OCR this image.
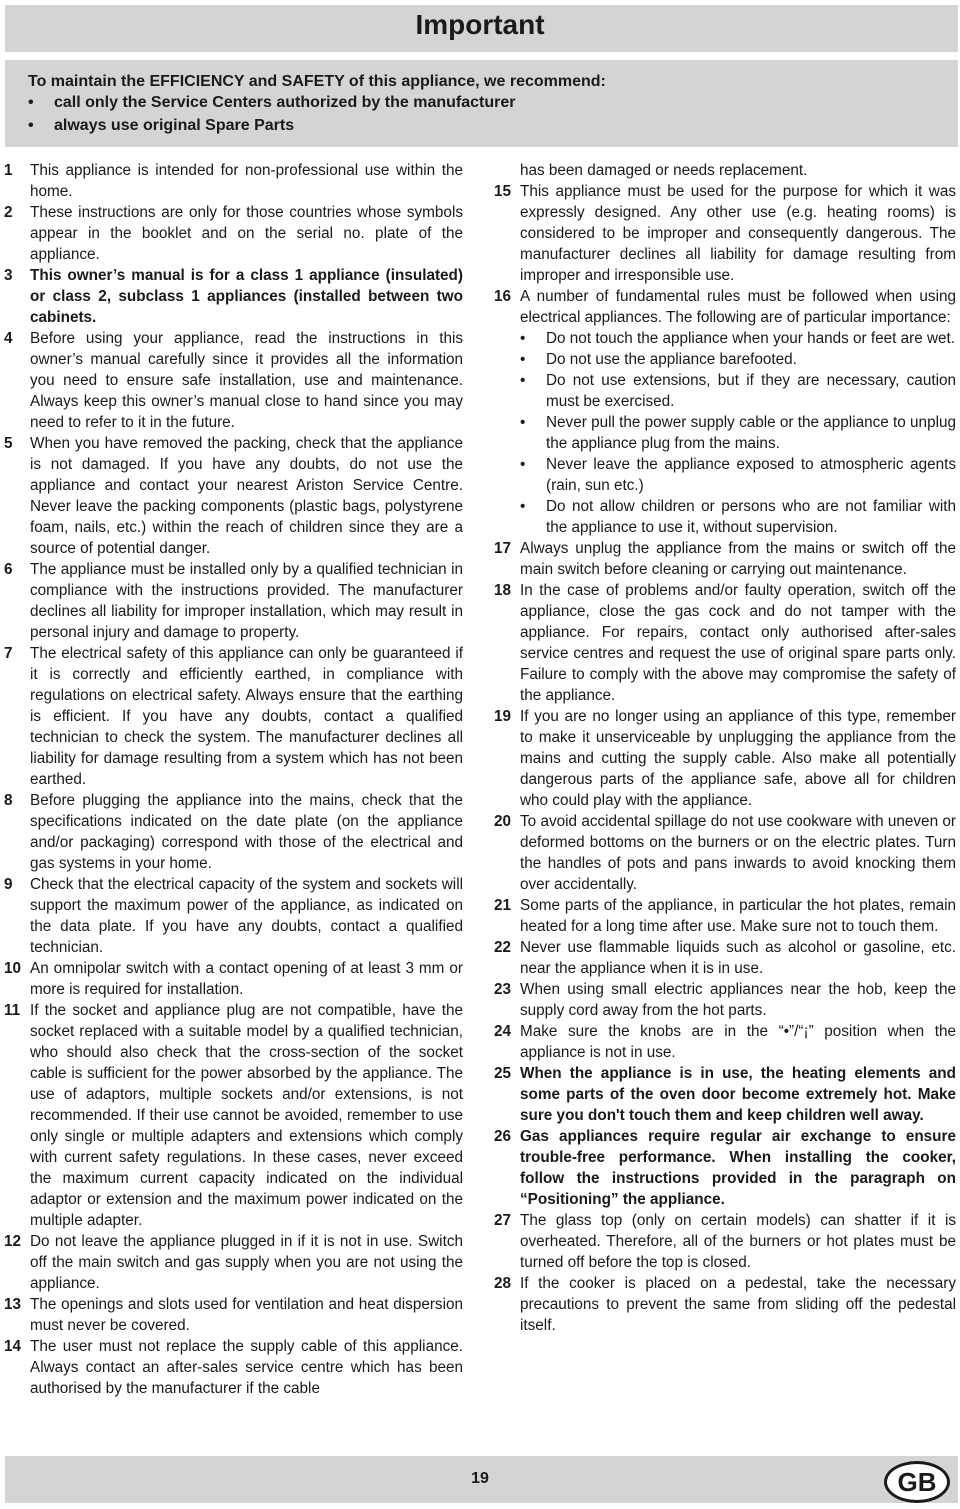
Important
To maintain the EFFICIENCY and SAFETY of this appliance, we recommend:
• call only the Service Centers authorized by the manufacturer
• always use original Spare Parts
1	This appliance is intended for non-professional use within the home.
2	These instructions are only for those countries whose symbols appear in the booklet and on the serial no. plate of the appliance.
3	This owner’s manual is for a class 1 appliance (insulated) or class 2, subclass 1 appliances (installed between two cabinets.
4	Before using your appliance, read the instructions in this owner’s manual carefully since it provides all the information you need to ensure safe installation, use and maintenance. Always keep this owner’s manual close to hand since you may need to refer to it in the future.
5	When you have removed the packing, check that the appliance is not damaged. If you have any doubts, do not use the appliance and contact your nearest Ariston Service Centre. Never leave the packing components (plastic bags, polystyrene foam, nails, etc.) within the reach of children since they are a source of potential danger.
6	The appliance must be installed only by a qualified technician in compliance with the instructions provided. The manufacturer declines all liability for improper installation, which may result in personal injury and damage to property.
7	The electrical safety of this appliance can only be guaranteed if it is correctly and efficiently earthed, in compliance with regulations on electrical safety. Always ensure that the earthing is efficient. If you have any doubts, contact a qualified technician to check the system. The manufacturer declines all liability for damage resulting from a system which has not been earthed.
8	Before plugging the appliance into the mains, check that the specifications indicated on the date plate (on the appliance and/or packaging) correspond with those of the electrical and gas systems in your home.
9	Check that the electrical capacity of the system and sockets will support the maximum power of the appliance, as indicated on the data plate. If you have any doubts, contact a qualified technician.
10 An omnipolar switch with a contact opening of at least 3 mm or more is required for installation.
11 If the socket and appliance plug are not compatible, have the socket replaced with a suitable model by a qualified technician, who should also check that the cross-section of the socket cable is sufficient for the power absorbed by the appliance. The use of adaptors, multiple sockets and/or extensions, is not recommended. If their use cannot be avoided, remember to use only single or multiple adapters and extensions which comply with current safety regulations. In these cases, never exceed the maximum current capacity indicated on the individual adaptor or extension and the maximum power indicated on the multiple adapter.
12 Do not leave the appliance plugged in if it is not in use. Switch off the main switch and gas supply when you are not using the appliance.
13 The openings and slots used for ventilation and heat dispersion must never be covered.
14 The user must not replace the supply cable of this appliance. Always contact an after-sales service centre which has been authorised by the manufacturer if the cable
has been damaged or needs replacement.
15 This appliance must be used for the purpose for which it was expressly designed. Any other use (e.g. heating rooms) is considered to be improper and consequently dangerous. The manufacturer declines all liability for damage resulting from improper and irresponsible use.
16 A number of fundamental rules must be followed when using electrical appliances. The following are of particular importance:
• Do not touch the appliance when your hands or feet are wet.
• Do not use the appliance barefooted.
• Do not use extensions, but if they are necessary, caution must be exercised.
• Never pull the power supply cable or the appliance to unplug the appliance plug from the mains.
• Never leave the appliance exposed to atmospheric agents (rain, sun etc.)
• Do not allow children or persons who are not familiar with the appliance to use it, without supervision.
17 Always unplug the appliance from the mains or switch off the main switch before cleaning or carrying out maintenance.
18 In the case of problems and/or faulty operation, switch off the appliance, close the gas cock and do not tamper with the appliance. For repairs, contact only authorised after-sales service centres and request the use of original spare parts only. Failure to comply with the above may compromise the safety of the appliance.
19 If you are no longer using an appliance of this type, remember to make it unserviceable by unplugging the appliance from the mains and cutting the supply cable. Also make all potentially dangerous parts of the appliance safe, above all for children who could play with the appliance.
20 To avoid accidental spillage do not use cookware with uneven or deformed bottoms on the burners or on the electric plates. Turn the handles of pots and pans inwards to avoid knocking them over accidentally.
21 Some parts of the appliance, in particular the hot plates, remain heated for a long time after use. Make sure not to touch them.
22 Never use flammable liquids such as alcohol or gasoline, etc. near the appliance when it is in use.
23 When using small electric appliances near the hob, keep the supply cord away from the hot parts.
24 Make sure the knobs are in the “•”/“¡” position when the appliance is not in use.
25 When the appliance is in use, the heating elements and some parts of the oven door become extremely hot. Make sure you don't touch them and keep children well away.
26 Gas appliances require regular air exchange to ensure trouble-free performance. When installing the cooker, follow the instructions provided in the paragraph on “Positioning” the appliance.
27 The glass top (only on certain models) can shatter if it is overheated. Therefore, all of the burners or hot plates must be turned off before the top is closed.
28 If the cooker is placed on a pedestal, take the necessary precautions to prevent the same from sliding off the pedestal itself.
19	GB
